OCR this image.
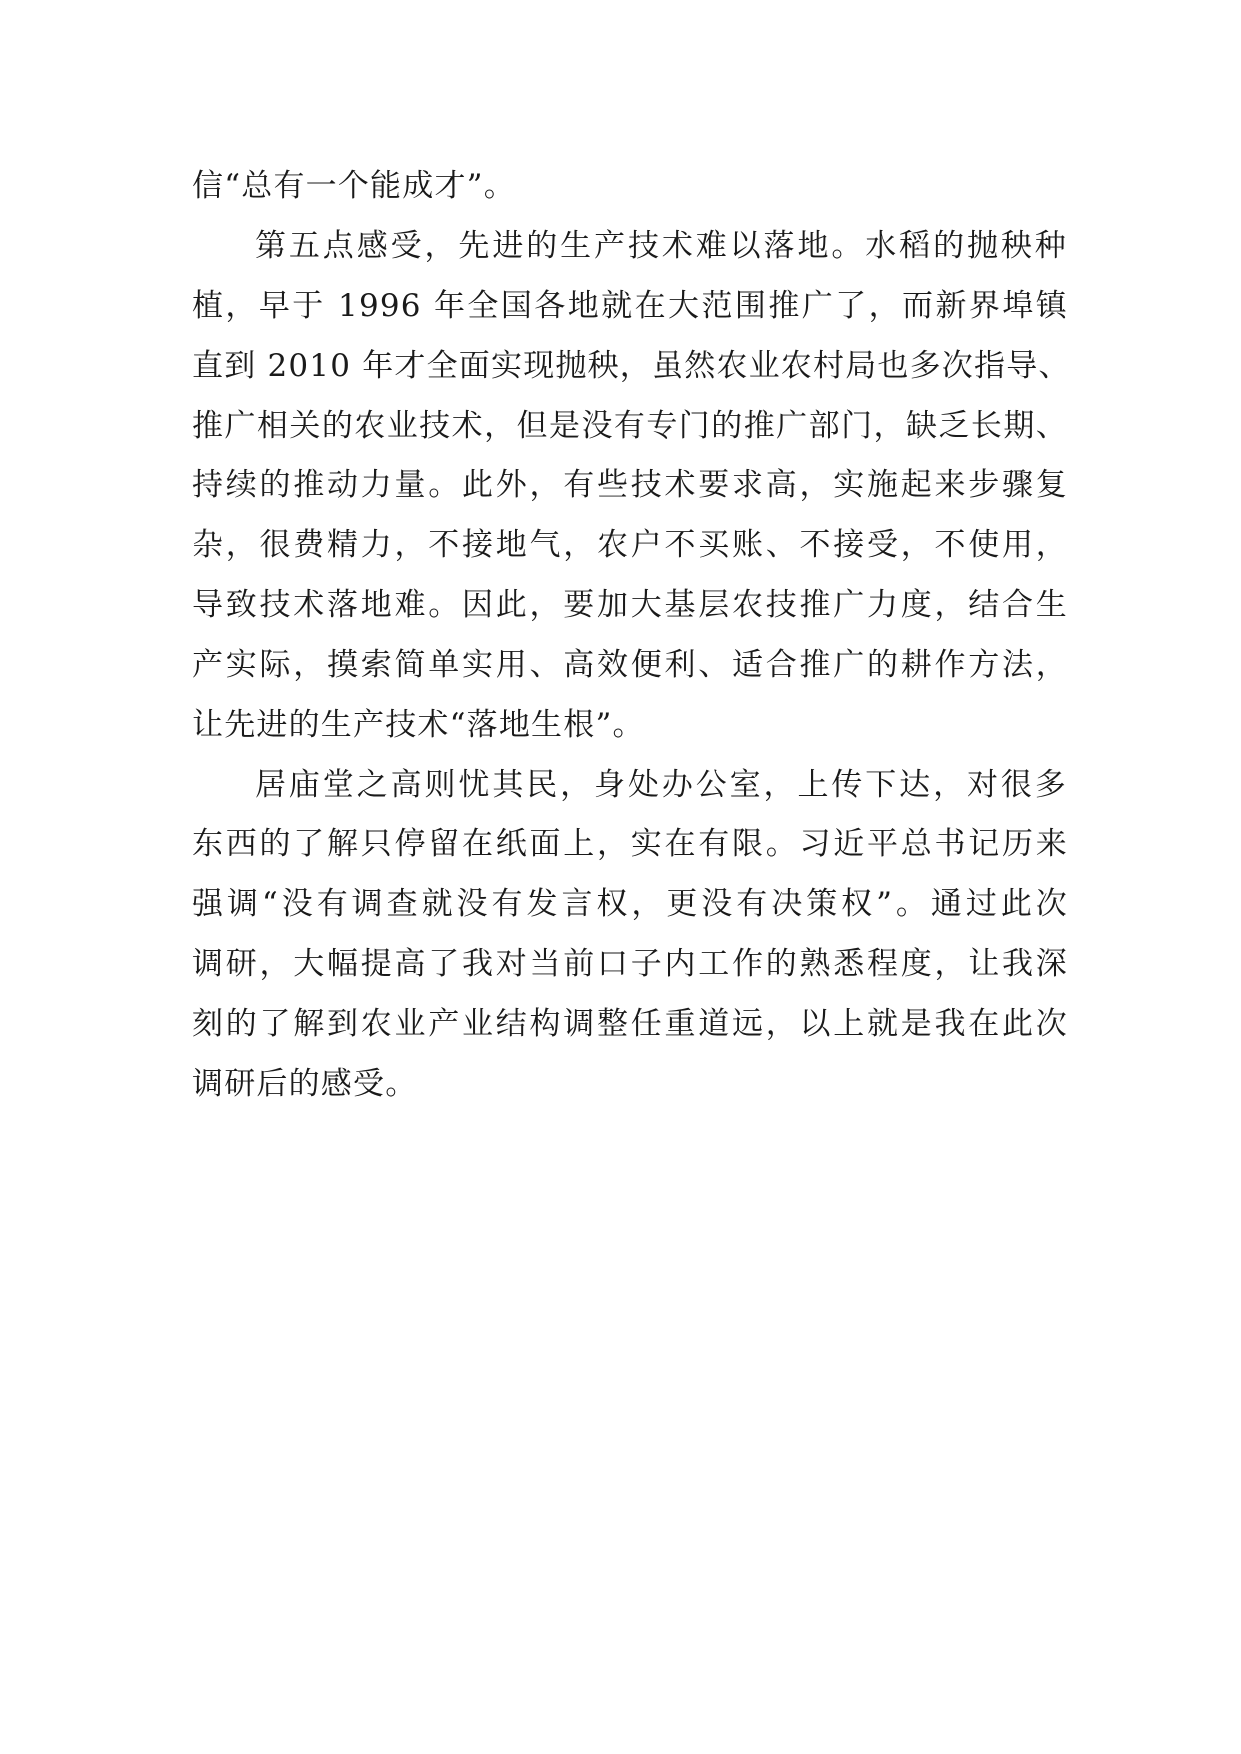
信“总有一个能成才”。

第五点感受，先进的生产技术难以落地。水稻的抛秧种

植，早于 1996 年全国各地就在大范围推广了，而新界埠镇

直到 2010 年才全面实现抛秧，虽然农业农村局也多次指导、

推广相关的农业技术，但是没有专门的推广部门，缺乏长期、

持续的推动力量。此外，有些技术要求高，实施起来步骤复

杂，很费精力，不接地气，农户不买账、不接受，不使用，

导致技术落地难。因此，要加大基层农技推广力度，结合生

产实际，摸索简单实用、高效便利、适合推广的耕作方法，

让先进的生产技术“落地生根”。

居庙堂之高则忧其民，身处办公室，上传下达，对很多

东西的了解只停留在纸面上，实在有限。习近平总书记历来

强调“没有调查就没有发言权，更没有决策权”。通过此次

调研，大幅提高了我对当前口子内工作的熟悉程度，让我深

刻的了解到农业产业结构调整任重道远，以上就是我在此次

调研后的感受。
